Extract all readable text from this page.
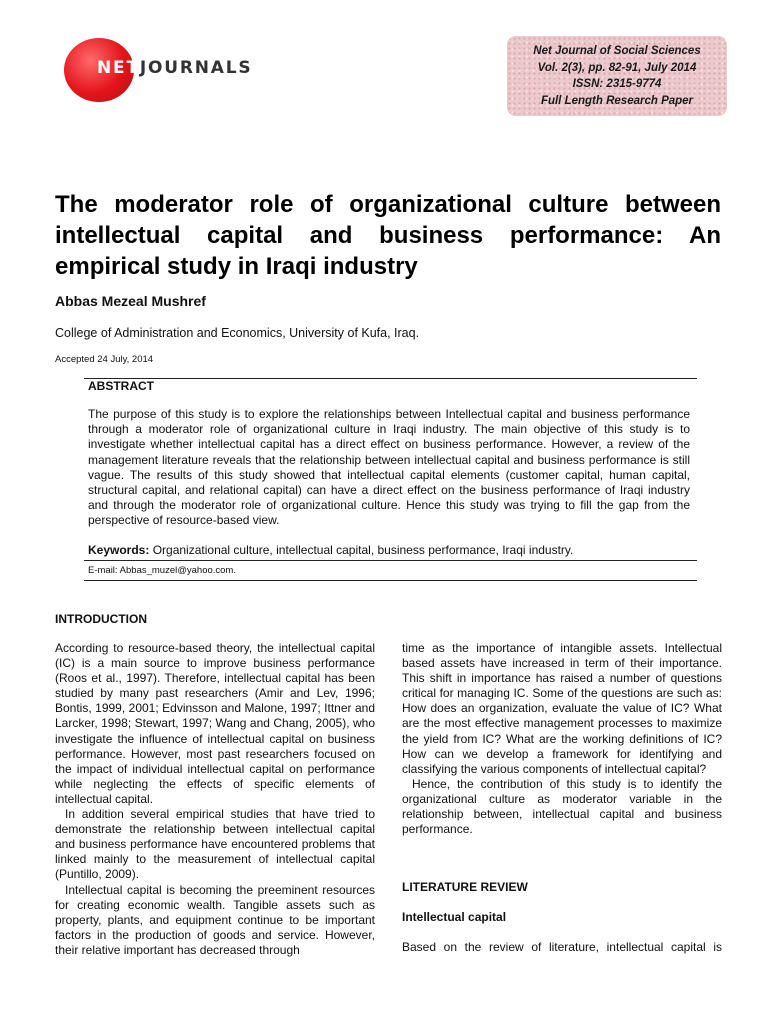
NETJOURNALS
Net Journal of Social Sciences
Vol. 2(3), pp. 82-91, July 2014
ISSN: 2315-9774
Full Length Research Paper
The moderator role of organizational culture between intellectual capital and business performance: An empirical study in Iraqi industry
Abbas Mezeal Mushref
College of Administration and Economics, University of Kufa, Iraq.
Accepted 24 July, 2014
ABSTRACT

The purpose of this study is to explore the relationships between Intellectual capital and business performance through a moderator role of organizational culture in Iraqi industry. The main objective of this study is to investigate whether intellectual capital has a direct effect on business performance. However, a review of the management literature reveals that the relationship between intellectual capital and business performance is still vague. The results of this study showed that intellectual capital elements (customer capital, human capital, structural capital, and relational capital) can have a direct effect on the business performance of Iraqi industry and through the moderator role of organizational culture. Hence this study was trying to fill the gap from the perspective of resource-based view.

Keywords: Organizational culture, intellectual capital, business performance, Iraqi industry.
E-mail: Abbas_muzel@yahoo.com.
INTRODUCTION

According to resource-based theory, the intellectual capital (IC) is a main source to improve business performance (Roos et al., 1997). Therefore, intellectual capital has been studied by many past researchers (Amir and Lev, 1996; Bontis, 1999, 2001; Edvinsson and Malone, 1997; Ittner and Larcker, 1998; Stewart, 1997; Wang and Chang, 2005), who investigate the influence of intellectual capital on business performance. However, most past researchers focused on the impact of individual intellectual capital on performance while neglecting the effects of specific elements of intellectual capital.

In addition several empirical studies that have tried to demonstrate the relationship between intellectual capital and business performance have encountered problems that linked mainly to the measurement of intellectual capital (Puntillo, 2009).

Intellectual capital is becoming the preeminent resources for creating economic wealth. Tangible assets such as property, plants, and equipment continue to be important factors in the production of goods and service. However, their relative important has decreased through

time as the importance of intangible assets. Intellectual based assets have increased in term of their importance. This shift in importance has raised a number of questions critical for managing IC. Some of the questions are such as: How does an organization, evaluate the value of IC? What are the most effective management processes to maximize the yield from IC? What are the working definitions of IC? How can we develop a framework for identifying and classifying the various components of intellectual capital?

Hence, the contribution of this study is to identify the organizational culture as moderator variable in the relationship between, intellectual capital and business performance.

LITERATURE REVIEW
Intellectual capital
Based on the review of literature, intellectual capital is
